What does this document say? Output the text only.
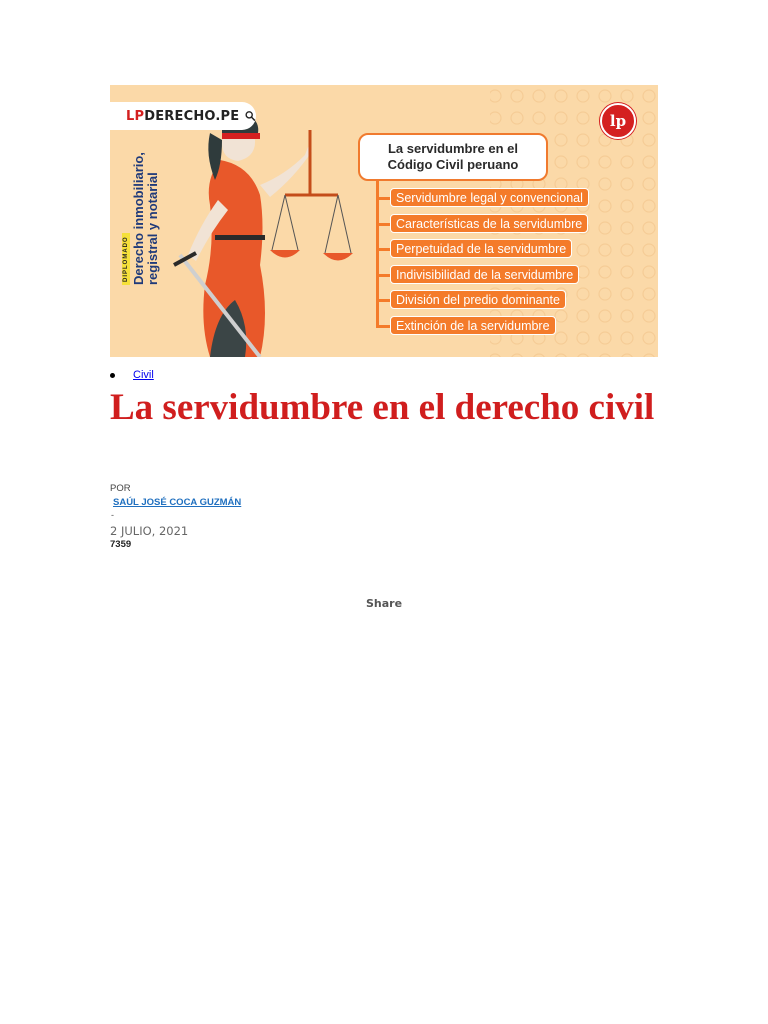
LPDERECHO.PE	lp
DIPLOMADO Derecho inmobiliario, registral y notarial
La servidumbre en el
Código Civil peruano
Servidumbre legal y convencional
Características de la servidumbre
Perpetuidad de la servidumbre
Indivisibilidad de la servidumbre
División del predio dominante
Extinción de la servidumbre
Civil
La servidumbre en el derecho civil
POR
SAÚL JOSÉ COCA GUZMÁN
-
2 JULIO, 2021
7359
Share
